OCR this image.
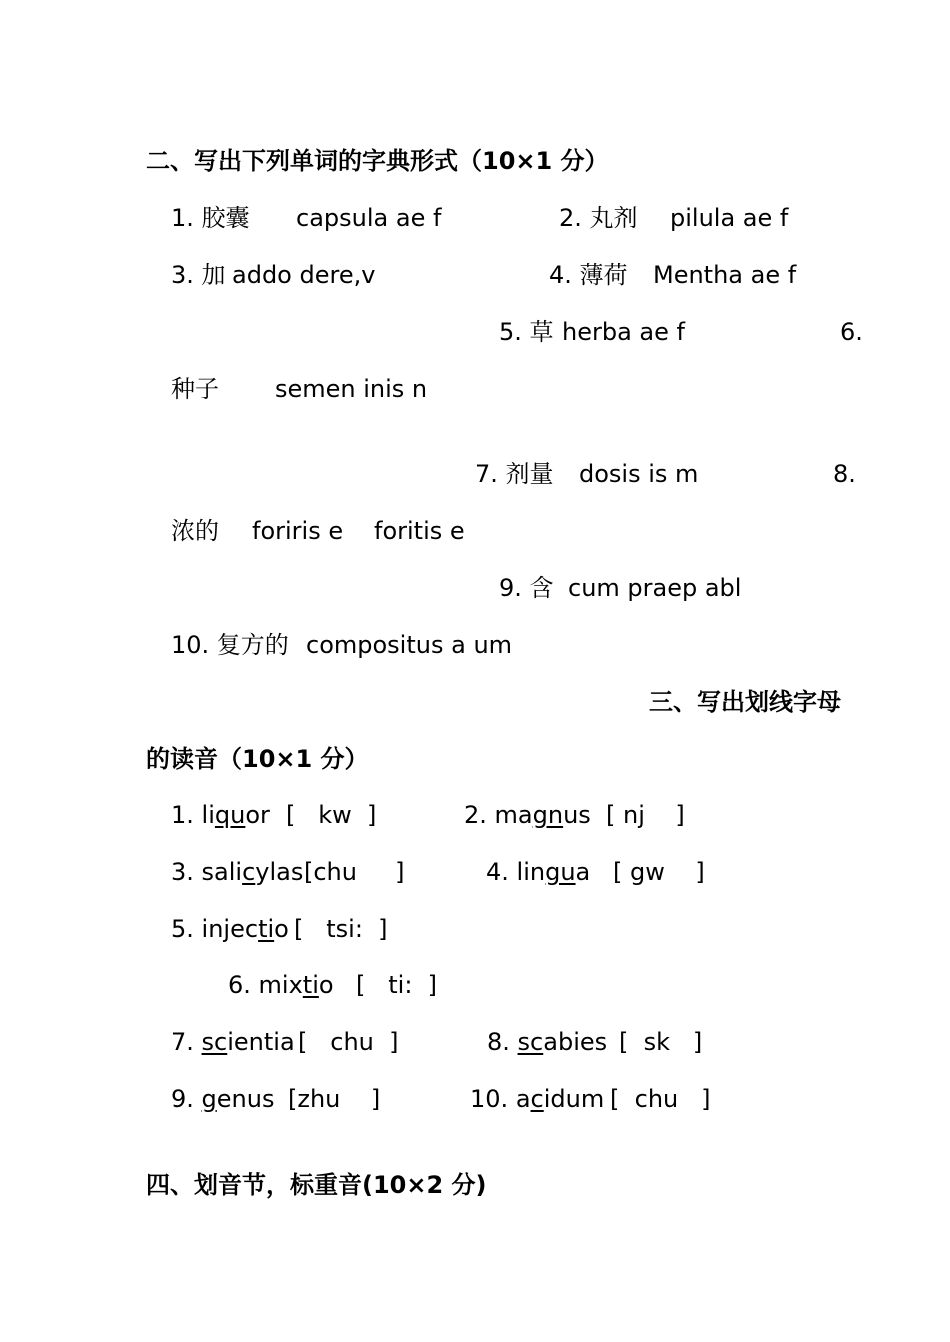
二、写出下列单词的字典形式（10×1 分）
1. 胶囊 capsula ae f	2. 丸剂 pilula ae f
3. 加 addo dere,v	4. 薄荷 Mentha ae f
5. 草 herba ae f	6.
种子 semen inis n
7. 剂量 dosis is m	8.
浓的 foriris e foritis e
9. 含 cum praep abl
10. 复方的 compositus a um
三、写出划线字母
的读音（10×1 分）
1. liquor [   kw  ]	2. magnus [ nj    ]
3. salicylas [chu     ]	4. lingua [ gw    ]
5. injectio [   tsi:  ]
6. mixtio [   ti:  ]
7. scientia [   chu  ]	8. scabies [  sk   ]
9. genus [zhu    ]	10. acidum [  chu   ]
四、划音节，标重音(10×2 分)
